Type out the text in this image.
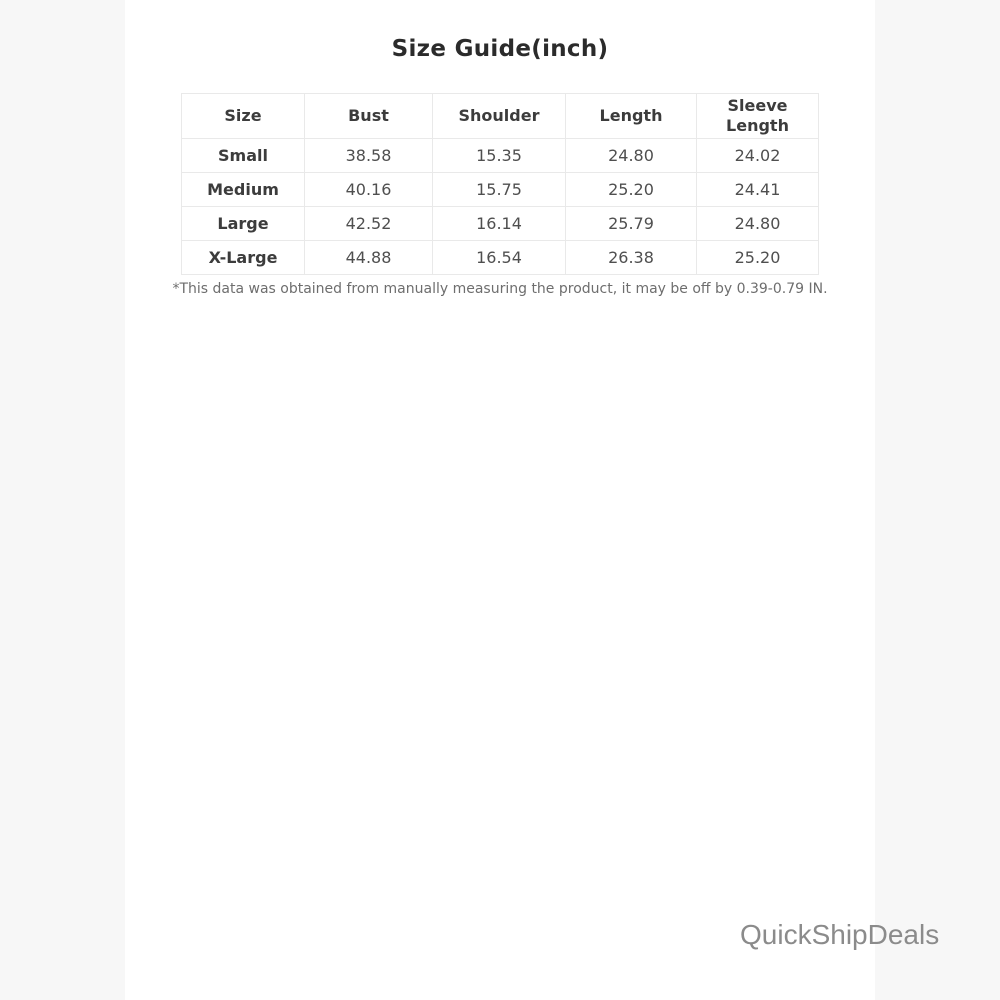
Size Guide(inch)
Size	Bust	Shoulder	Length	Sleeve Length
Small	38.58	15.35	24.80	24.02
Medium	40.16	15.75	25.20	24.41
Large	42.52	16.14	25.79	24.80
X-Large	44.88	16.54	26.38	25.20

*This data was obtained from manually measuring the product, it may be off by 0.39-0.79 IN.

QuickShipDeals
